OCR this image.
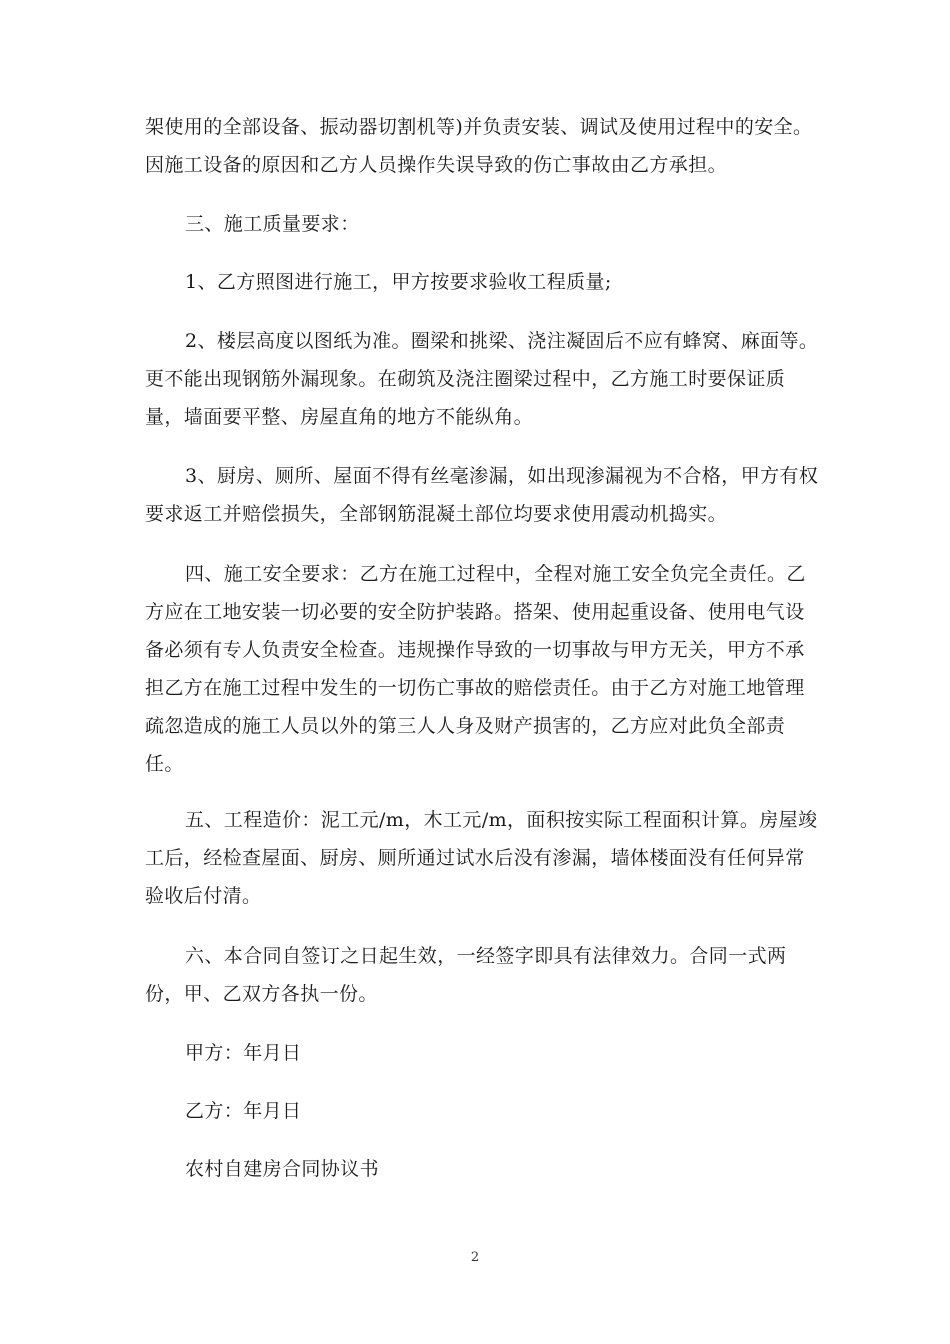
架使用的全部设备、振动器切割机等)并负责安装、调试及使用过程中的安全。
因施工设备的原因和乙方人员操作失误导致的伤亡事故由乙方承担。
三、施工质量要求：
1、乙方照图进行施工，甲方按要求验收工程质量;
2、楼层高度以图纸为准。圈梁和挑梁、浇注凝固后不应有蜂窝、麻面等。
更不能出现钢筋外漏现象。在砌筑及浇注圈梁过程中，乙方施工时要保证质
量，墙面要平整、房屋直角的地方不能纵角。
3、厨房、厕所、屋面不得有丝毫渗漏，如出现渗漏视为不合格，甲方有权
要求返工并赔偿损失，全部钢筋混凝土部位均要求使用震动机捣实。
四、施工安全要求：乙方在施工过程中，全程对施工安全负完全责任。乙
方应在工地安装一切必要的安全防护装路。搭架、使用起重设备、使用电气设
备必须有专人负责安全检查。违规操作导致的一切事故与甲方无关，甲方不承
担乙方在施工过程中发生的一切伤亡事故的赔偿责任。由于乙方对施工地管理
疏忽造成的施工人员以外的第三人人身及财产损害的，乙方应对此负全部责
任。
五、工程造价：泥工元/m，木工元/m，面积按实际工程面积计算。房屋竣
工后，经检查屋面、厨房、厕所通过试水后没有渗漏，墙体楼面没有任何异常
验收后付清。
六、本合同自签订之日起生效，一经签字即具有法律效力。合同一式两
份，甲、乙双方各执一份。
甲方：年月日
乙方：年月日
农村自建房合同协议书
2
